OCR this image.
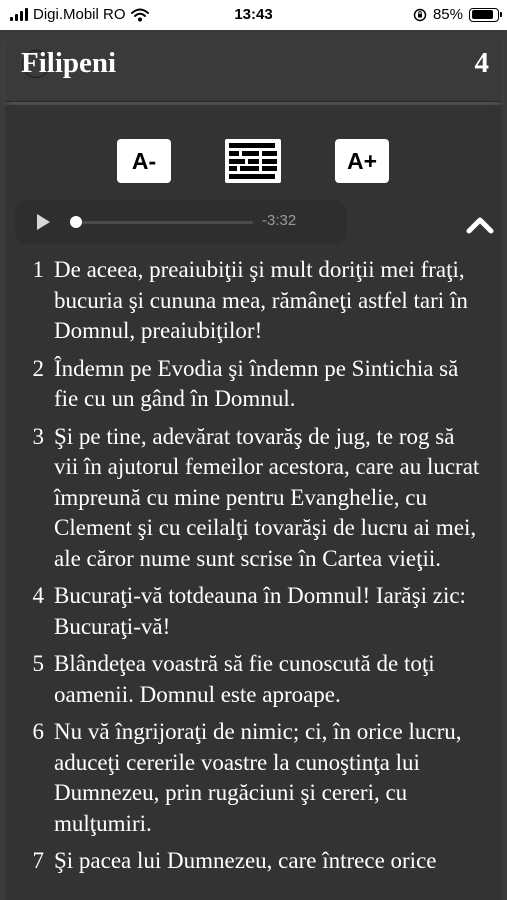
Digi.Mobil RO	13:43	85%
Filipeni	4
A-	A+
-3:32
1 De aceea, preaiubiţii şi mult doriţii mei fraţi, bucuria şi cununa mea, rămâneţi astfel tari în Domnul, preaiubiţilor!
2 Îndemn pe Evodia şi îndemn pe Sintichia să fie cu un gând în Domnul.
3 Şi pe tine, adevărat tovarăş de jug, te rog să vii în ajutorul femeilor acestora, care au lucrat împreună cu mine pentru Evanghelie, cu Clement şi cu ceilalţi tovarăşi de lucru ai mei, ale căror nume sunt scrise în Cartea vieţii.
4 Bucuraţi-vă totdeauna în Domnul! Iarăşi zic: Bucuraţi-vă!
5 Blândeţea voastră să fie cunoscută de toţi oamenii. Domnul este aproape.
6 Nu vă îngrijoraţi de nimic; ci, în orice lucru, aduceţi cererile voastre la cunoştinţa lui Dumnezeu, prin rugăciuni şi cereri, cu mulţumiri.
7 Şi pacea lui Dumnezeu, care întrece orice
